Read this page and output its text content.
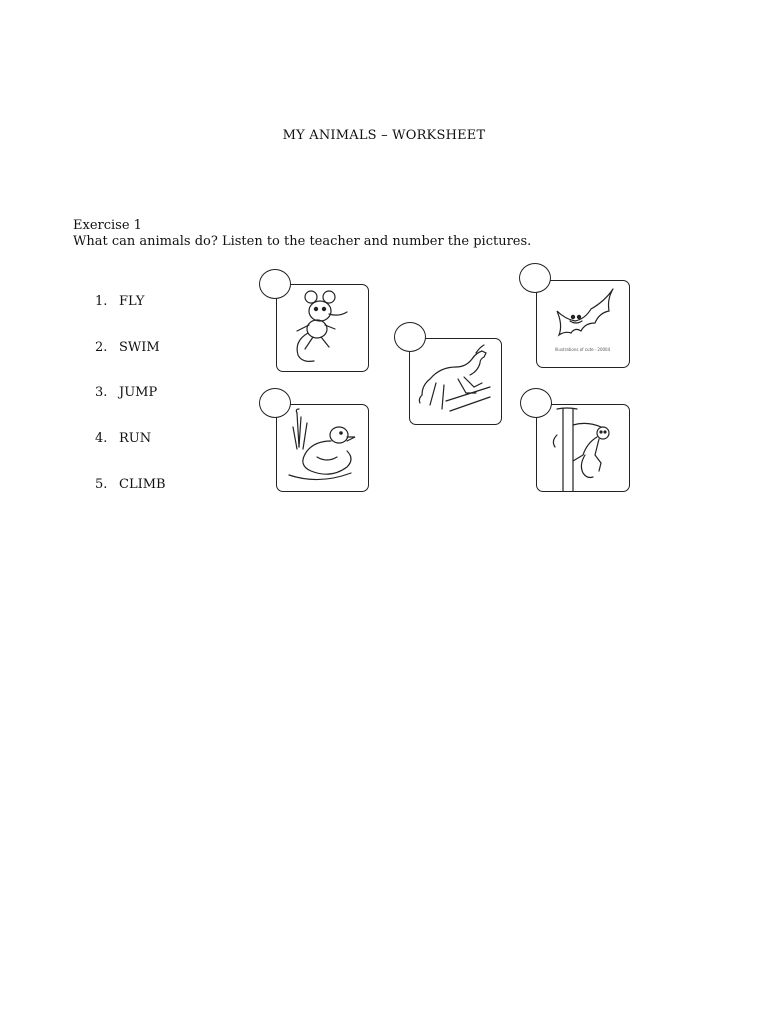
MY ANIMALS – WORKSHEET
Exercise 1
What can animals do? Listen to the teacher and number the pictures.
1. FLY
2. SWIM
3. JUMP
4. RUN
5. CLIMB
Illustrations of cute · 20004
